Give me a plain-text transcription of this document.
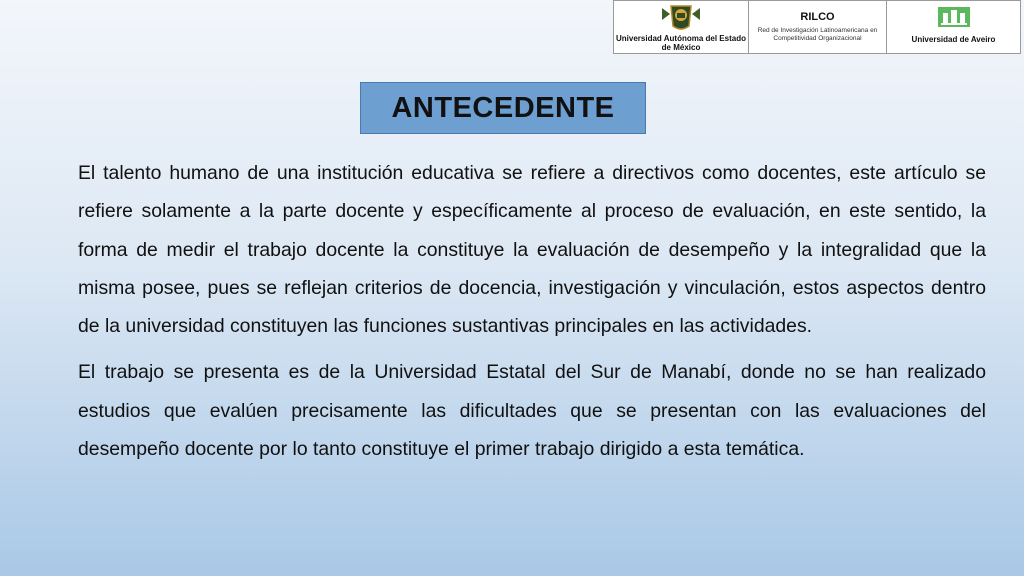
Universidad Autónoma del Estado de México
RILCO
Red de Investigación Latinoamericana en Competitividad Organizacional	Universidad de Aveiro
ANTECEDENTE

El talento humano de una institución educativa se refiere a directivos como docentes, este artículo se refiere solamente a la parte docente y específicamente al proceso de evaluación, en este sentido, la forma de medir el trabajo docente la constituye la evaluación de desempeño y la integralidad que la misma posee, pues se reflejan criterios de docencia, investigación y vinculación, estos aspectos dentro de la universidad constituyen las funciones sustantivas principales en las actividades.

El trabajo se presenta es de la Universidad Estatal del Sur de Manabí, donde no se han realizado estudios que evalúen precisamente las dificultades que se presentan con las evaluaciones del desempeño docente por lo tanto constituye el primer trabajo dirigido a esta temática.
